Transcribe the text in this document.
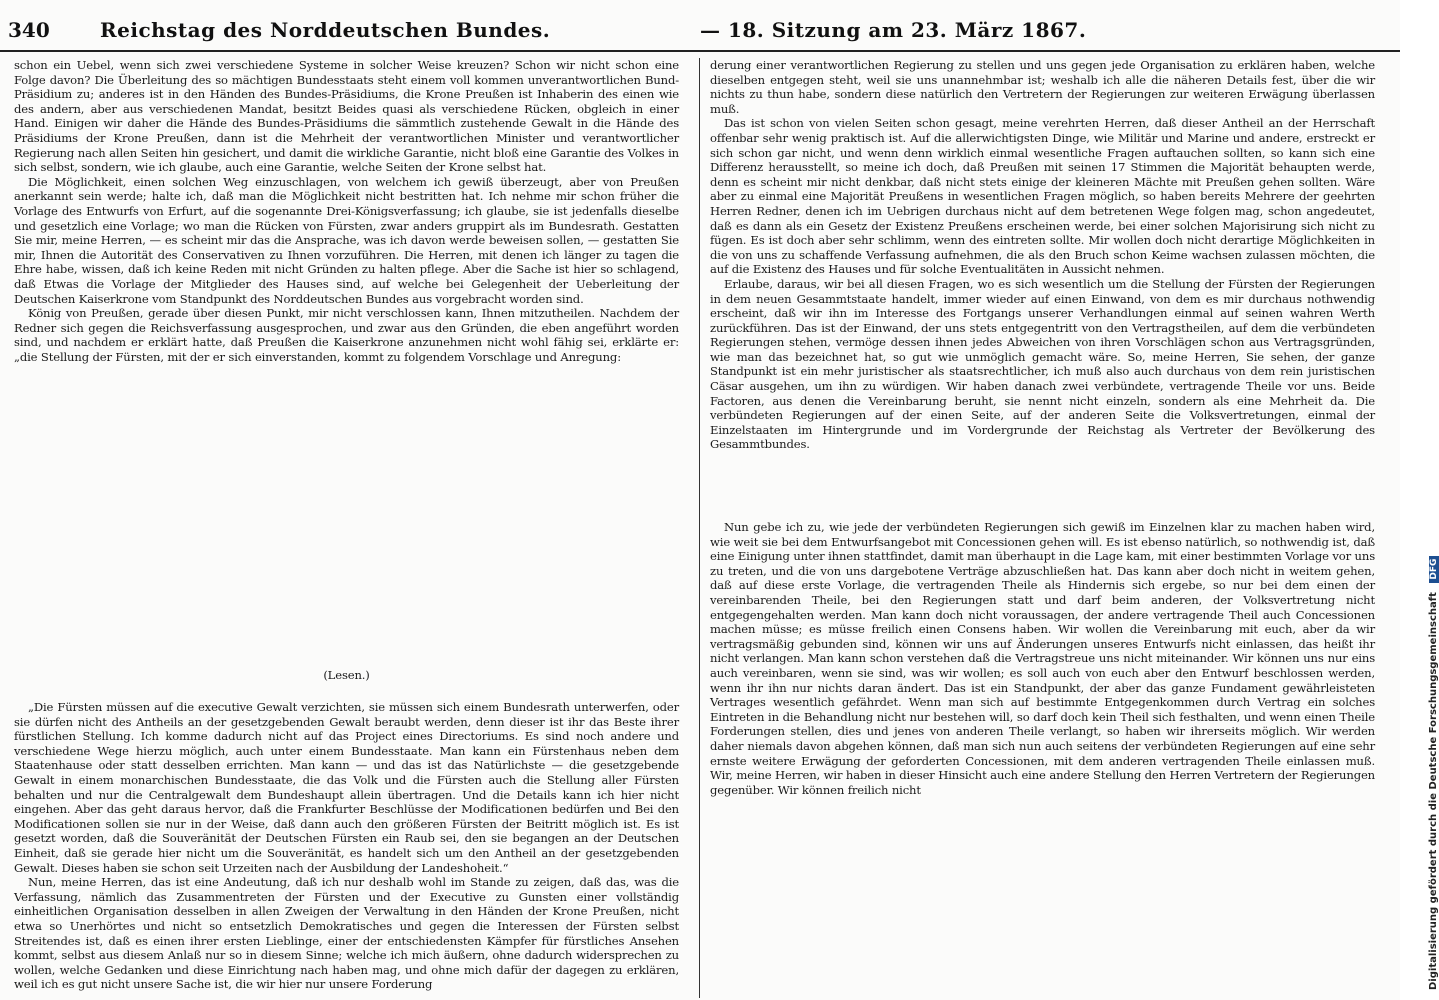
340	Reichstag des Norddeutschen Bundes.	— 18. Sitzung am 23. März 1867.

schon ein Uebel, wenn sich zwei verschiedene Systeme in solcher Weise kreuzen? Schon wir nicht schon eine Folge davon? Die Überleitung des so mächtigen Bundesstaats steht einem voll kommen unverantwortlichen Bund-Präsidium zu; anderes ist in den Händen des Bundes-Präsidiums, die Krone Preußen ist Inhaberin des einen wie des andern, aber aus verschiedenen Mandat, besitzt Beides quasi als verschiedene Rücken, obgleich in einer Hand. Einigen wir daher die Hände des Bundes-Präsidiums die sämmtlich zustehende Gewalt in die Hände des Präsidiums der Krone Preußen, dann ist die Mehrheit der verantwortlichen Minister und verantwortlicher Regierung nach allen Seiten hin gesichert, und damit die wirkliche Garantie, nicht bloß eine Garantie des Volkes in sich selbst, sondern, wie ich glaube, auch eine Garantie, welche Seiten der Krone selbst hat.

Die Möglichkeit, einen solchen Weg einzuschlagen, von welchem ich gewiß überzeugt, aber von Preußen anerkannt sein werde; halte ich, daß man die Möglichkeit nicht bestritten hat. Ich nehme mir schon früher die Vorlage des Entwurfs von Erfurt, auf die sogenannte Drei-Königsverfassung; ich glaube, sie ist jedenfalls dieselbe und gesetzlich eine Vorlage; wo man die Rücken von Fürsten, zwar anders gruppirt als im Bundesrath. Gestatten Sie mir, meine Herren, — es scheint mir das die Ansprache, was ich davon werde beweisen sollen, — gestatten Sie mir, Ihnen die Autorität des Conservativen zu Ihnen vorzuführen. Die Herren, mit denen ich länger zu tagen die Ehre habe, wissen, daß ich keine Reden mit nicht Gründen zu halten pflege. Aber die Sache ist hier so schlagend, daß Etwas die Vorlage der Mitglieder des Hauses sind, auf welche bei Gelegenheit der Ueberleitung der Deutschen Kaiserkrone vom Standpunkt des Norddeutschen Bundes aus vorgebracht worden sind.

König von Preußen, gerade über diesen Punkt, mir nicht verschlossen kann, Ihnen mitzutheilen. Nachdem der Redner sich gegen die Reichsverfassung ausgesprochen, und zwar aus den Gründen, die eben angeführt worden sind, und nachdem er erklärt hatte, daß Preußen die Kaiserkrone anzunehmen nicht wohl fähig sei, erklärte er: „die Stellung der Fürsten, mit der er sich einverstanden, kommt zu folgendem Vorschlage und Anregung:

(Lesen.)

„Die Fürsten müssen auf die executive Gewalt verzichten, sie müssen sich einem Bundesrath unterwerfen, oder sie dürfen nicht des Antheils an der gesetzgebenden Gewalt beraubt werden, denn dieser ist ihr das Beste ihrer fürstlichen Stellung. Ich komme dadurch nicht auf das Project eines Directoriums. Es sind noch andere und verschiedene Wege hierzu möglich, auch unter einem Bundesstaate. Man kann ein Fürstenhaus neben dem Staatenhause oder statt desselben errichten. Man kann — und das ist das Natürlichste — die gesetzgebende Gewalt in einem monarchischen Bundesstaate, die das Volk und die Fürsten auch die Stellung aller Fürsten behalten und nur die Centralgewalt dem Bundeshaupt allein übertragen. Und die Details kann ich hier nicht eingehen. Aber das geht daraus hervor, daß die Frankfurter Beschlüsse der Modificationen bedürfen und Bei den Modificationen sollen sie nur in der Weise, daß dann auch den größeren Fürsten der Beitritt möglich ist. Es ist gesetzt worden, daß die Souveränität der Deutschen Fürsten ein Raub sei, den sie begangen an der Deutschen Einheit, daß sie gerade hier nicht um die Souveränität, es handelt sich um den Antheil an der gesetzgebenden Gewalt. Dieses haben sie schon seit Urzeiten nach der Ausbildung der Landeshoheit.“

Nun, meine Herren, das ist eine Andeutung, daß ich nur deshalb wohl im Stande zu zeigen, daß das, was die Verfassung, nämlich das Zusammentreten der Fürsten und der Executive zu Gunsten einer vollständig einheitlichen Organisation desselben in allen Zweigen der Verwaltung in den Händen der Krone Preußen, nicht etwa so Unerhörtes und nicht so entsetzlich Demokratisches und gegen die Interessen der Fürsten selbst Streitendes ist, daß es einen ihrer ersten Lieblinge, einer der entschiedensten Kämpfer für fürstliches Ansehen kommt, selbst aus diesem Anlaß nur so in diesem Sinne; welche ich mich äußern, ohne dadurch widersprechen zu wollen, welche Gedanken und diese Einrichtung nach haben mag, und ohne mich dafür der dagegen zu erklären, weil ich es gut nicht unsere Sache ist, die wir hier nur unsere Forderung

derung einer verantwortlichen Regierung zu stellen und uns gegen jede Organisation zu erklären haben, welche dieselben entgegen steht, weil sie uns unannehmbar ist; weshalb ich alle die näheren Details fest, über die wir nichts zu thun habe, sondern diese natürlich den Vertretern der Regierungen zur weiteren Erwägung überlassen muß.

Das ist schon von vielen Seiten schon gesagt, meine verehrten Herren, daß dieser Antheil an der Herrschaft offenbar sehr wenig praktisch ist. Auf die allerwichtigsten Dinge, wie Militär und Marine und andere, erstreckt er sich schon gar nicht, und wenn denn wirklich einmal wesentliche Fragen auftauchen sollten, so kann sich eine Differenz herausstellt, so meine ich doch, daß Preußen mit seinen 17 Stimmen die Majorität behaupten werde, denn es scheint mir nicht denkbar, daß nicht stets einige der kleineren Mächte mit Preußen gehen sollten. Wäre aber zu einmal eine Majorität Preußens in wesentlichen Fragen möglich, so haben bereits Mehrere der geehrten Herren Redner, denen ich im Uebrigen durchaus nicht auf dem betretenen Wege folgen mag, schon angedeutet, daß es dann als ein Gesetz der Existenz Preußens erscheinen werde, bei einer solchen Majorisirung sich nicht zu fügen. Es ist doch aber sehr schlimm, wenn des eintreten sollte. Mir wollen doch nicht derartige Möglichkeiten in die von uns zu schaffende Verfassung aufnehmen, die als den Bruch schon Keime wachsen zulassen möchten, die auf die Existenz des Hauses und für solche Eventualitäten in Aussicht nehmen.

Erlaube, daraus, wir bei all diesen Fragen, wo es sich wesentlich um die Stellung der Fürsten der Regierungen in dem neuen Gesammtstaate handelt, immer wieder auf einen Einwand, von dem es mir durchaus nothwendig erscheint, daß wir ihn im Interesse des Fortgangs unserer Verhandlungen einmal auf seinen wahren Werth zurückführen. Das ist der Einwand, der uns stets entgegentritt von den Vertragstheilen, auf dem die verbündeten Regierungen stehen, vermöge dessen ihnen jedes Abweichen von ihren Vorschlägen schon aus Vertragsgründen, wie man das bezeichnet hat, so gut wie unmöglich gemacht wäre. So, meine Herren, Sie sehen, der ganze Standpunkt ist ein mehr juristischer als staatsrechtlicher, ich muß also auch durchaus von dem rein juristischen Cäsar ausgehen, um ihn zu würdigen. Wir haben danach zwei verbündete, vertragende Theile vor uns. Beide Factoren, aus denen die Vereinbarung beruht, sie nennt nicht einzeln, sondern als eine Mehrheit da. Die verbündeten Regierungen auf der einen Seite, auf der anderen Seite die Volksvertretungen, einmal der Einzelstaaten im Hintergrunde und im Vordergrunde der Reichstag als Vertreter der Bevölkerung des Gesammtbundes.

Nun gebe ich zu, wie jede der verbündeten Regierungen sich gewiß im Einzelnen klar zu machen haben wird, wie weit sie bei dem Entwurfsangebot mit Concessionen gehen will. Es ist ebenso natürlich, so nothwendig ist, daß eine Einigung unter ihnen stattfindet, damit man überhaupt in die Lage kam, mit einer bestimmten Vorlage vor uns zu treten, und die von uns dargebotene Verträge abzuschließen hat. Das kann aber doch nicht in weitem gehen, daß auf diese erste Vorlage, die vertragenden Theile als Hindernis sich ergebe, so nur bei dem einen der vereinbarenden Theile, bei den Regierungen statt und darf beim anderen, der Volksvertretung nicht entgegengehalten werden. Man kann doch nicht voraussagen, der andere vertragende Theil auch Concessionen machen müsse; es müsse freilich einen Consens haben. Wir wollen die Vereinbarung mit euch, aber da wir vertragsmäßig gebunden sind, können wir uns auf Änderungen unseres Entwurfs nicht einlassen, das heißt ihr nicht verlangen. Man kann schon verstehen daß die Vertragstreue uns nicht miteinander. Wir können uns nur eins auch vereinbaren, wenn sie sind, was wir wollen; es soll auch von euch aber den Entwurf beschlossen werden, wenn ihr ihn nur nichts daran ändert. Das ist ein Standpunkt, der aber das ganze Fundament gewährleisteten Vertrages wesentlich gefährdet. Wenn man sich auf bestimmte Entgegenkommen durch Vertrag ein solches Eintreten in die Behandlung nicht nur bestehen will, so darf doch kein Theil sich festhalten, und wenn einen Theile Forderungen stellen, dies und jenes von anderen Theile verlangt, so haben wir ihrerseits möglich. Wir werden daher niemals davon abgehen können, daß man sich nun auch seitens der verbündeten Regierungen auf eine sehr ernste weitere Erwägung der geforderten Concessionen, mit dem anderen vertragenden Theile einlassen muß. Wir, meine Herren, wir haben in dieser Hinsicht auch eine andere Stellung den Herren Vertretern der Regierungen gegenüber. Wir können freilich nicht	Digitalisierung gefördert durch die Deutsche Forschungsgemeinschaft DFG
